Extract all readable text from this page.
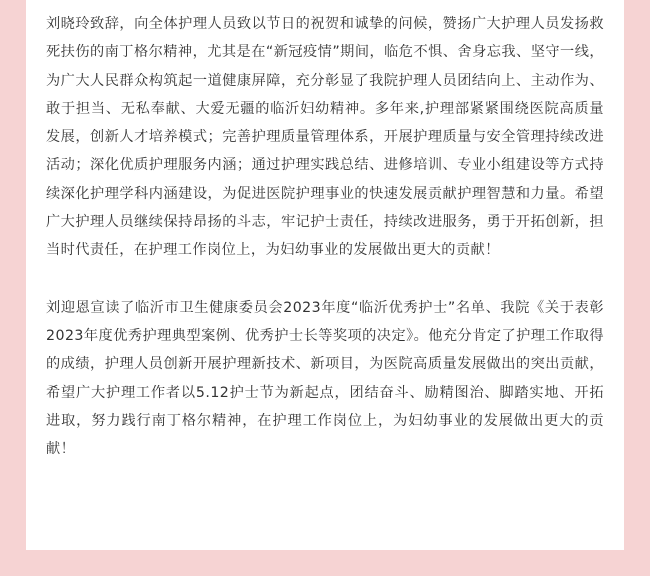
刘晓玲致辞，向全体护理人员致以节日的祝贺和诚挚的问候，赞扬广大护理人员发扬救死扶伤的南丁格尔精神，尤其是在“新冠疫情”期间，临危不惧、舍身忘我、坚守一线，为广大人民群众构筑起一道健康屏障，充分彰显了我院护理人员团结向上、主动作为、敢于担当、无私奉献、大爱无疆的临沂妇幼精神。多年来,护理部紧紧围绕医院高质量发展，创新人才培养模式；完善护理质量管理体系，开展护理质量与安全管理持续改进活动；深化优质护理服务内涵；通过护理实践总结、进修培训、专业小组建设等方式持续深化护理学科内涵建设，为促进医院护理事业的快速发展贡献护理智慧和力量。希望广大护理人员继续保持昂扬的斗志，牢记护士责任，持续改进服务，勇于开拓创新，担当时代责任，在护理工作岗位上，为妇幼事业的发展做出更大的贡献！

刘迎恩宣读了临沂市卫生健康委员会2023年度“临沂优秀护士”名单、我院《关于表彰2023年度优秀护理典型案例、优秀护士长等奖项的决定》。他充分肯定了护理工作取得的成绩，护理人员创新开展护理新技术、新项目，为医院高质量发展做出的突出贡献，希望广大护理工作者以5.12护士节为新起点，团结奋斗、励精图治、脚踏实地、开拓进取，努力践行南丁格尔精神，在护理工作岗位上，为妇幼事业的发展做出更大的贡献！
